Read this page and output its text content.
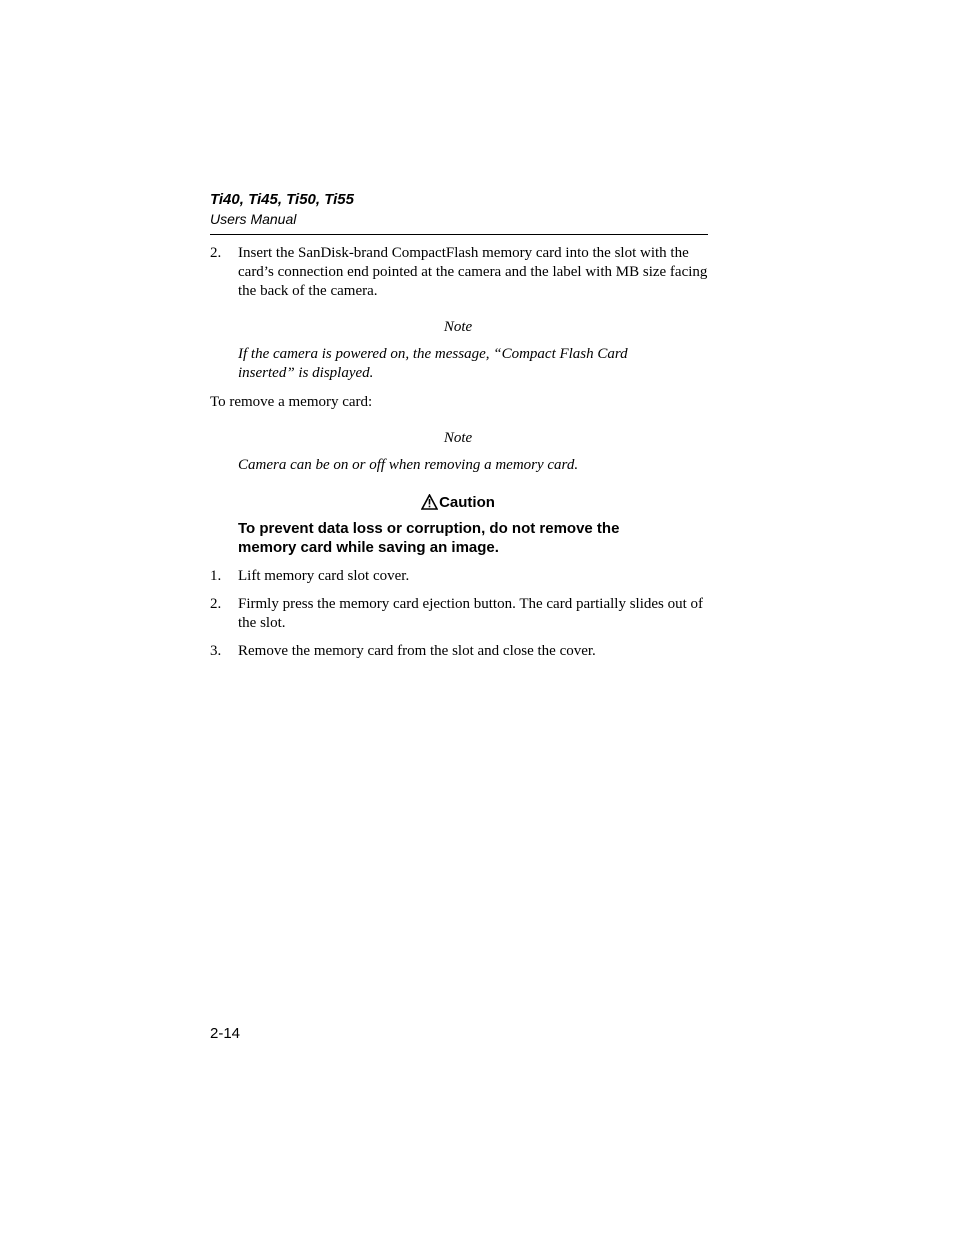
Ti40, Ti45, Ti50, Ti55
Users Manual
2. Insert the SanDisk-brand CompactFlash memory card into the slot with the card’s connection end pointed at the camera and the label with MB size facing the back of the camera.
Note
If the camera is powered on, the message, “Compact Flash Card inserted” is displayed.
To remove a memory card:
Note
Camera can be on or off when removing a memory card.
Caution
To prevent data loss or corruption, do not remove the memory card while saving an image.
1. Lift memory card slot cover.
2. Firmly press the memory card ejection button. The card partially slides out of the slot.
3. Remove the memory card from the slot and close the cover.
2-14
